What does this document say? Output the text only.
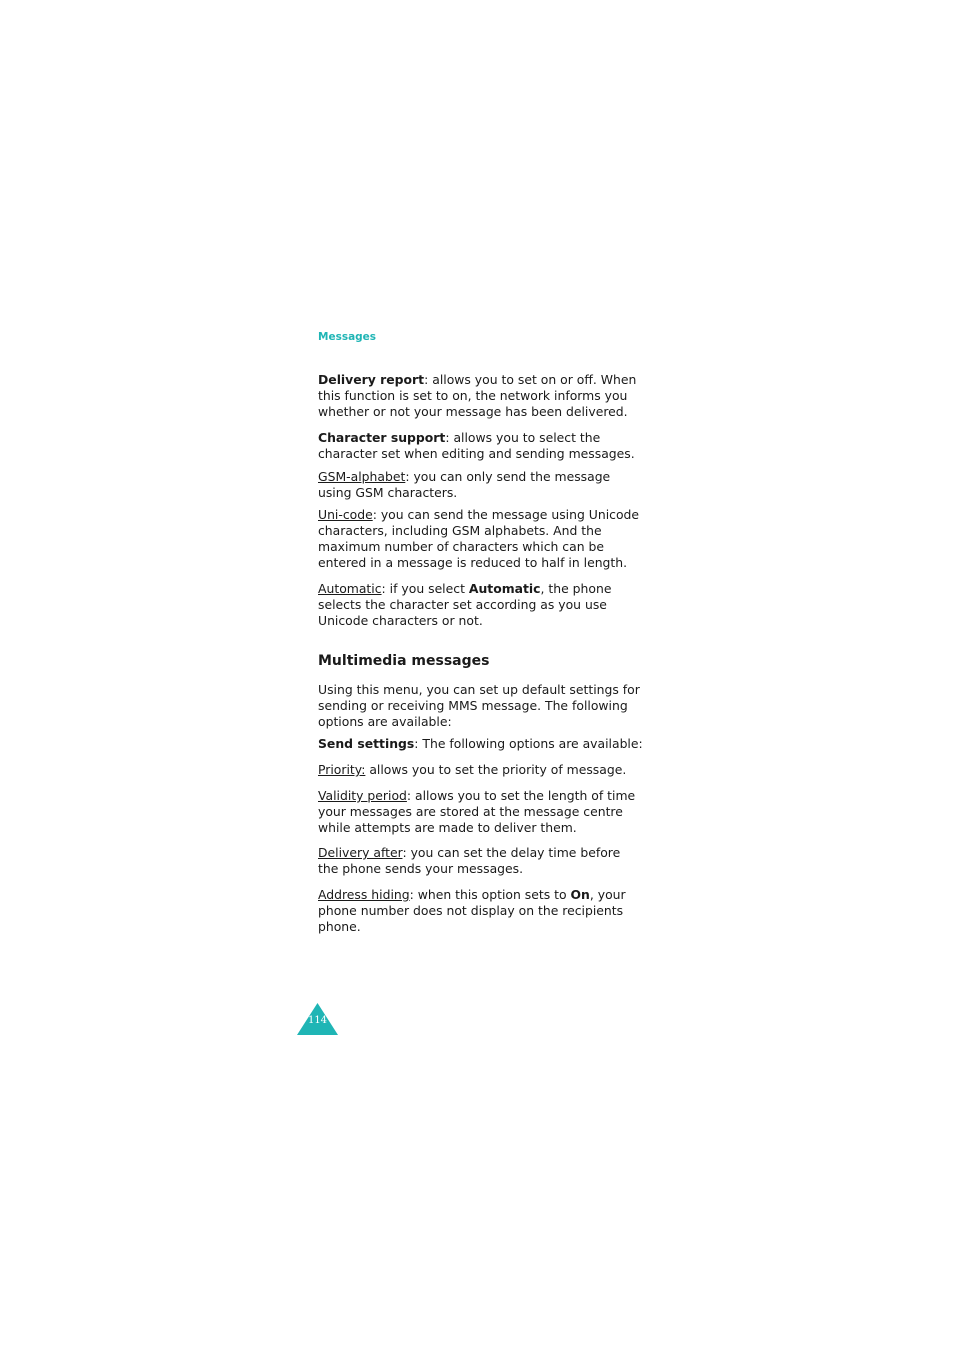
Messages

Delivery report: allows you to set on or off. When this function is set to on, the network informs you whether or not your message has been delivered.

Character support: allows you to select the character set when editing and sending messages.

GSM-alphabet: you can only send the message using GSM characters.

Uni-code: you can send the message using Unicode characters, including GSM alphabets. And the maximum number of characters which can be entered in a message is reduced to half in length.

Automatic: if you select Automatic, the phone selects the character set according as you use Unicode characters or not.

Multimedia messages

Using this menu, you can set up default settings for sending or receiving MMS message. The following options are available:

Send settings: The following options are available:

Priority: allows you to set the priority of message.

Validity period: allows you to set the length of time your messages are stored at the message centre while attempts are made to deliver them.

Delivery after: you can set the delay time before the phone sends your messages.

Address hiding: when this option sets to On, your phone number does not display on the recipients phone.

114
